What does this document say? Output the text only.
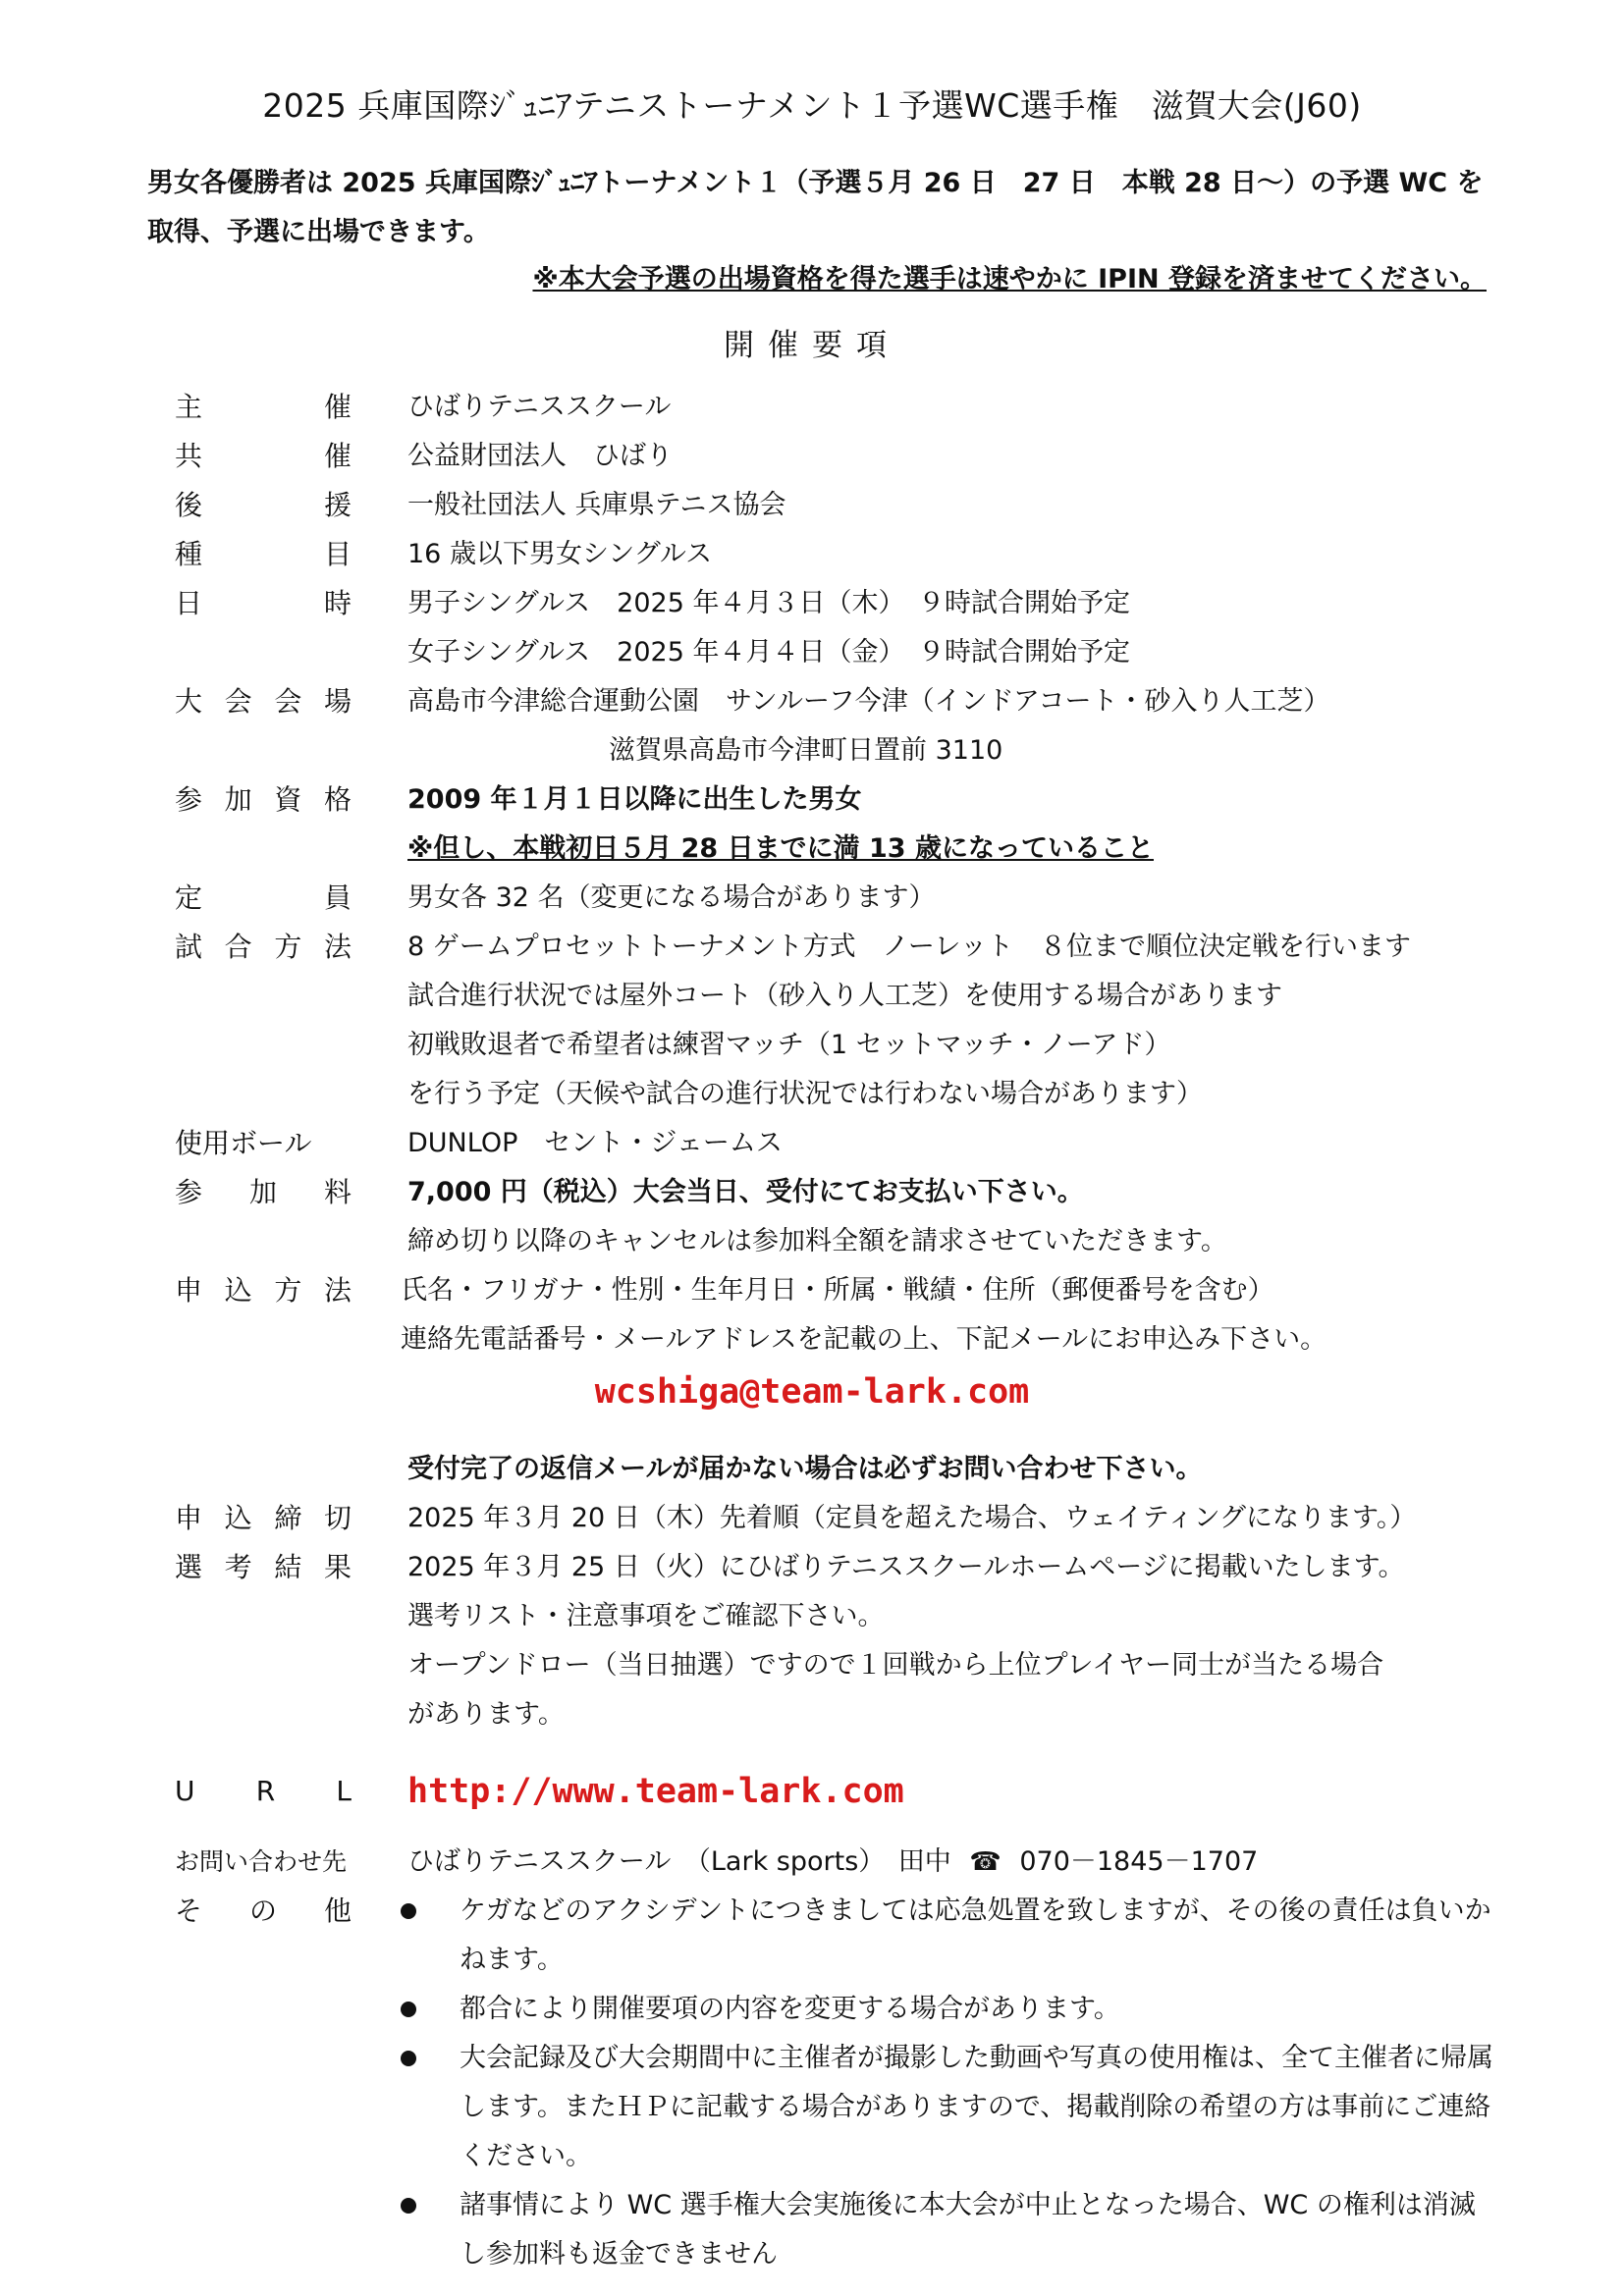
2025 兵庫国際ｼﾞｭﾆｱテニストーナメント１予選WC選手権　滋賀大会(J60)
男女各優勝者は 2025 兵庫国際ｼﾞｭﾆｱトーナメント１（予選５月 26 日　27 日　本戦 28 日～）の予選 WC を
取得、予選に出場できます。
※本大会予選の出場資格を得た選手は速やかに IPIN 登録を済ませてください。
開催要項
主	催 ひばりテニススクール
共	催 公益財団法人　ひばり
後	援 一般社団法人 兵庫県テニス協会
種	目 16 歳以下男女シングルス
日	時 男子シングルス　2025 年４月３日（木）　９時試合開始予定
女子シングルス　2025 年４月４日（金）　９時試合開始予定
大 会 会 場 高島市今津総合運動公園　サンルーフ今津（インドアコート・砂入り人工芝）
滋賀県高島市今津町日置前 3110
参 加 資 格 2009 年１月１日以降に出生した男女
※但し、本戦初日５月 28 日までに満 13 歳になっていること
定	員 男女各 32 名（変更になる場合があります）
試 合 方 法 8 ゲームプロセットトーナメント方式　ノーレット　８位まで順位決定戦を行います
試合進行状況では屋外コート（砂入り人工芝）を使用する場合があります
初戦敗退者で希望者は練習マッチ（1 セットマッチ・ノーアド）
を行う予定（天候や試合の進行状況では行わない場合があります）
使用ボール	DUNLOP　セント・ジェームス
参 加 料 7,000 円（税込）大会当日、受付にてお支払い下さい。
締め切り以降のキャンセルは参加料全額を請求させていただきます。
申 込 方 法 氏名・フリガナ・性別・生年月日・所属・戦績・住所（郵便番号を含む）
連絡先電話番号・メールアドレスを記載の上、下記メールにお申込み下さい。
wcshiga@team-lark.com
受付完了の返信メールが届かない場合は必ずお問い合わせ下さい。
申 込 締 切 2025 年３月 20 日（木）先着順（定員を超えた場合、ウェイティングになります。）
選 考 結 果 2025 年３月 25 日（火）にひばりテニススクールホームページに掲載いたします。
選考リスト・注意事項をご確認下さい。
オープンドロー（当日抽選）ですので１回戦から上位プレイヤー同士が当たる場合
があります。
U R L http://www.team-lark.com
お問い合わせ先 ひばりテニススクール　（Lark sports）　田中 ☎ 070－1845－1707
そ の 他	ケガなどのアクシデントにつきましては応急処置を致しますが、その後の責任は負いかねます。
都合により開催要項の内容を変更する場合があります。
大会記録及び大会期間中に主催者が撮影した動画や写真の使用権は、全て主催者に帰属します。またＨＰに記載する場合がありますので、掲載削除の希望の方は事前にご連絡ください。
諸事情により WC 選手権大会実施後に本大会が中止となった場合、WC の権利は消滅し参加料も返金できません
